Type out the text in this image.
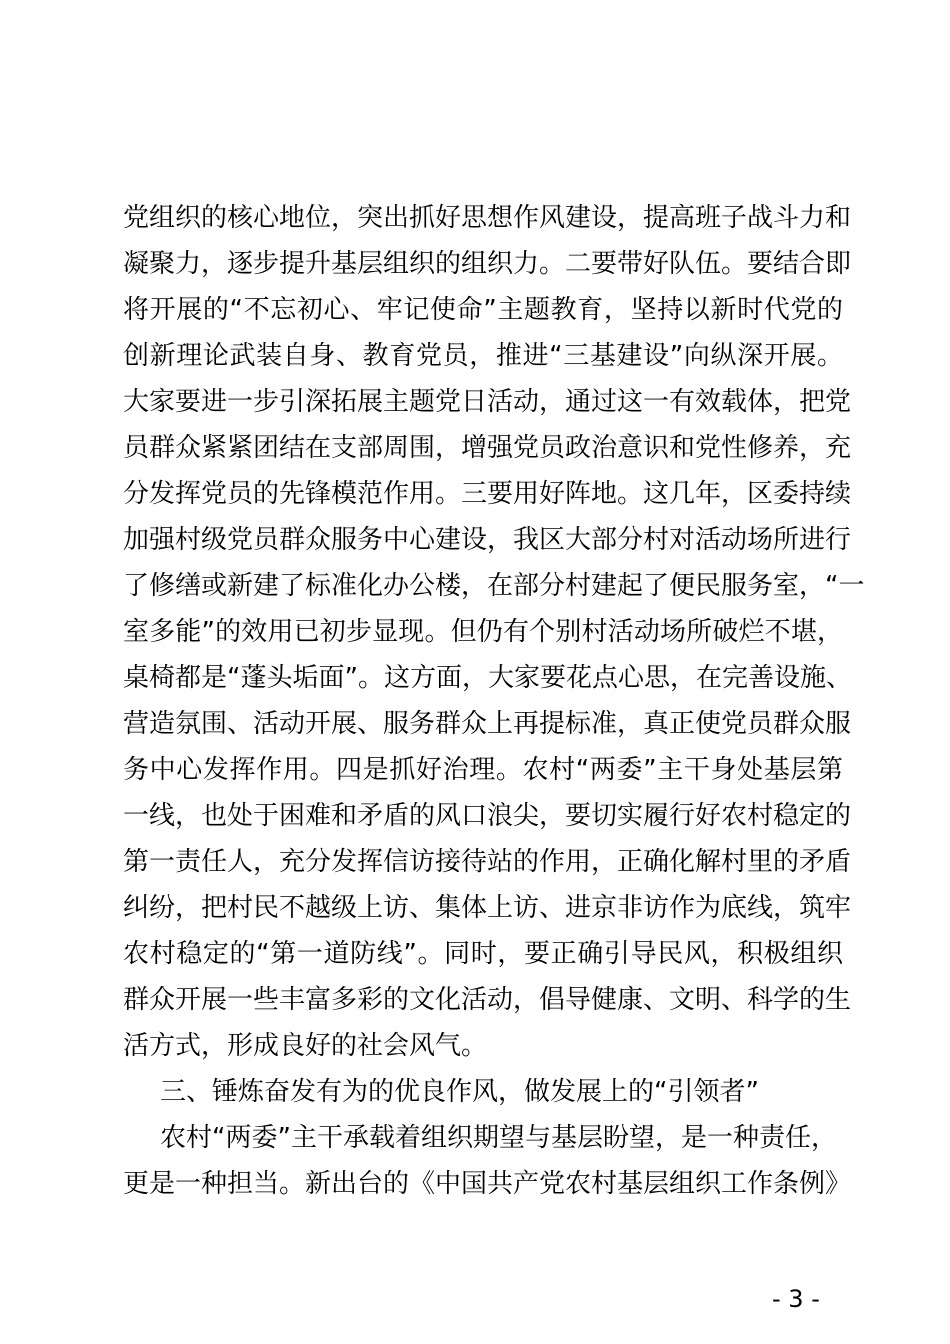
党组织的核心地位，突出抓好思想作风建设，提高班子战斗力和
凝聚力，逐步提升基层组织的组织力。二要带好队伍。要结合即
将开展的“不忘初心、牢记使命”主题教育，坚持以新时代党的
创新理论武装自身、教育党员，推进“三基建设”向纵深开展。
大家要进一步引深拓展主题党日活动，通过这一有效载体，把党
员群众紧紧团结在支部周围，增强党员政治意识和党性修养，充
分发挥党员的先锋模范作用。三要用好阵地。这几年，区委持续
加强村级党员群众服务中心建设，我区大部分村对活动场所进行
了修缮或新建了标准化办公楼，在部分村建起了便民服务室，“一
室多能”的效用已初步显现。但仍有个别村活动场所破烂不堪，
桌椅都是“蓬头垢面”。这方面，大家要花点心思，在完善设施、
营造氛围、活动开展、服务群众上再提标准，真正使党员群众服
务中心发挥作用。四是抓好治理。农村“两委”主干身处基层第
一线，也处于困难和矛盾的风口浪尖，要切实履行好农村稳定的
第一责任人，充分发挥信访接待站的作用，正确化解村里的矛盾
纠纷，把村民不越级上访、集体上访、进京非访作为底线，筑牢
农村稳定的“第一道防线”。同时，要正确引导民风，积极组织
群众开展一些丰富多彩的文化活动，倡导健康、文明、科学的生
活方式，形成良好的社会风气。
三、锤炼奋发有为的优良作风，做发展上的“引领者”
农村“两委”主干承载着组织期望与基层盼望，是一种责任，
更是一种担当。新出台的《中国共产党农村基层组织工作条例》
- 3 -
